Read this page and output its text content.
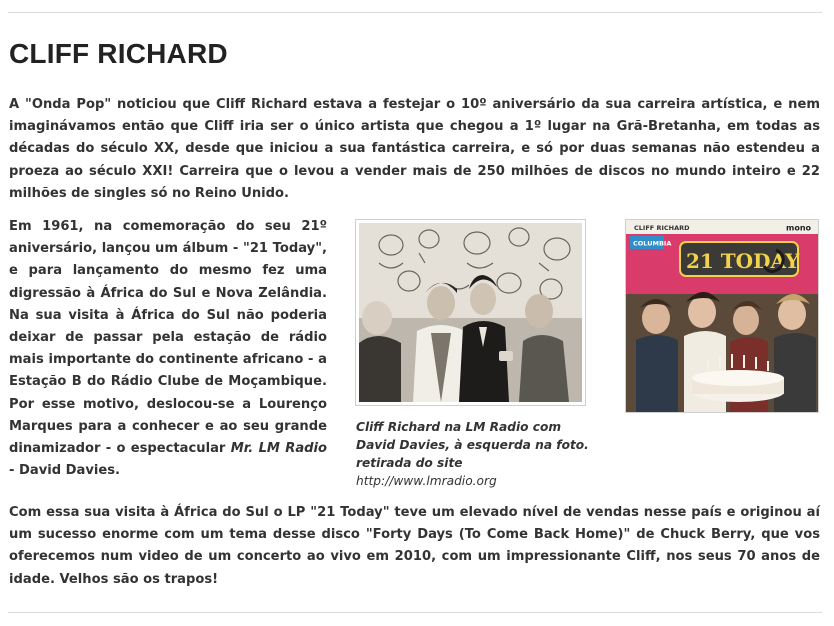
CLIFF RICHARD

A "Onda Pop" noticiou que Cliff Richard estava a festejar o 10º aniversário da sua carreira artística, e nem imaginávamos então que Cliff iria ser o único artista que chegou a 1º lugar na Grã-Bretanha, em todas as décadas do século XX, desde que iniciou a sua fantástica carreira, e só por duas semanas não estendeu a proeza ao século XXI! Carreira que o levou a vender mais de 250 milhões de discos no mundo inteiro e 22 milhões de singles só no Reino Unido.

Em 1961, na comemoração do seu 21º aniversário, lançou um álbum - "21 Today", e para lançamento do mesmo fez uma digressão à África do Sul e Nova Zelândia. Na sua visita à África do Sul não poderia deixar de passar pela estação de rádio mais importante do continente africano - a Estação B do Rádio Clube de Moçambique. Por esse motivo, deslocou-se a Lourenço Marques para a conhecer e ao seu grande dinamizador - o espectacular Mr. LM Radio - David Davies.

Cliff Richard na LM Radio com
David Davies, à esquerda na foto.
retirada do site http://www.lmradio.org
CLIFF RICHARD	mono
COLUMBIA
21 TODAY

Com essa sua visita à África do Sul o LP "21 Today" teve um elevado nível de vendas nesse país e originou aí um sucesso enorme com um tema desse disco "Forty Days (To Come Back Home)" de Chuck Berry, que vos oferecemos num video de um concerto ao vivo em 2010, com um impressionante Cliff, nos seus 70 anos de idade. Velhos são os trapos!
